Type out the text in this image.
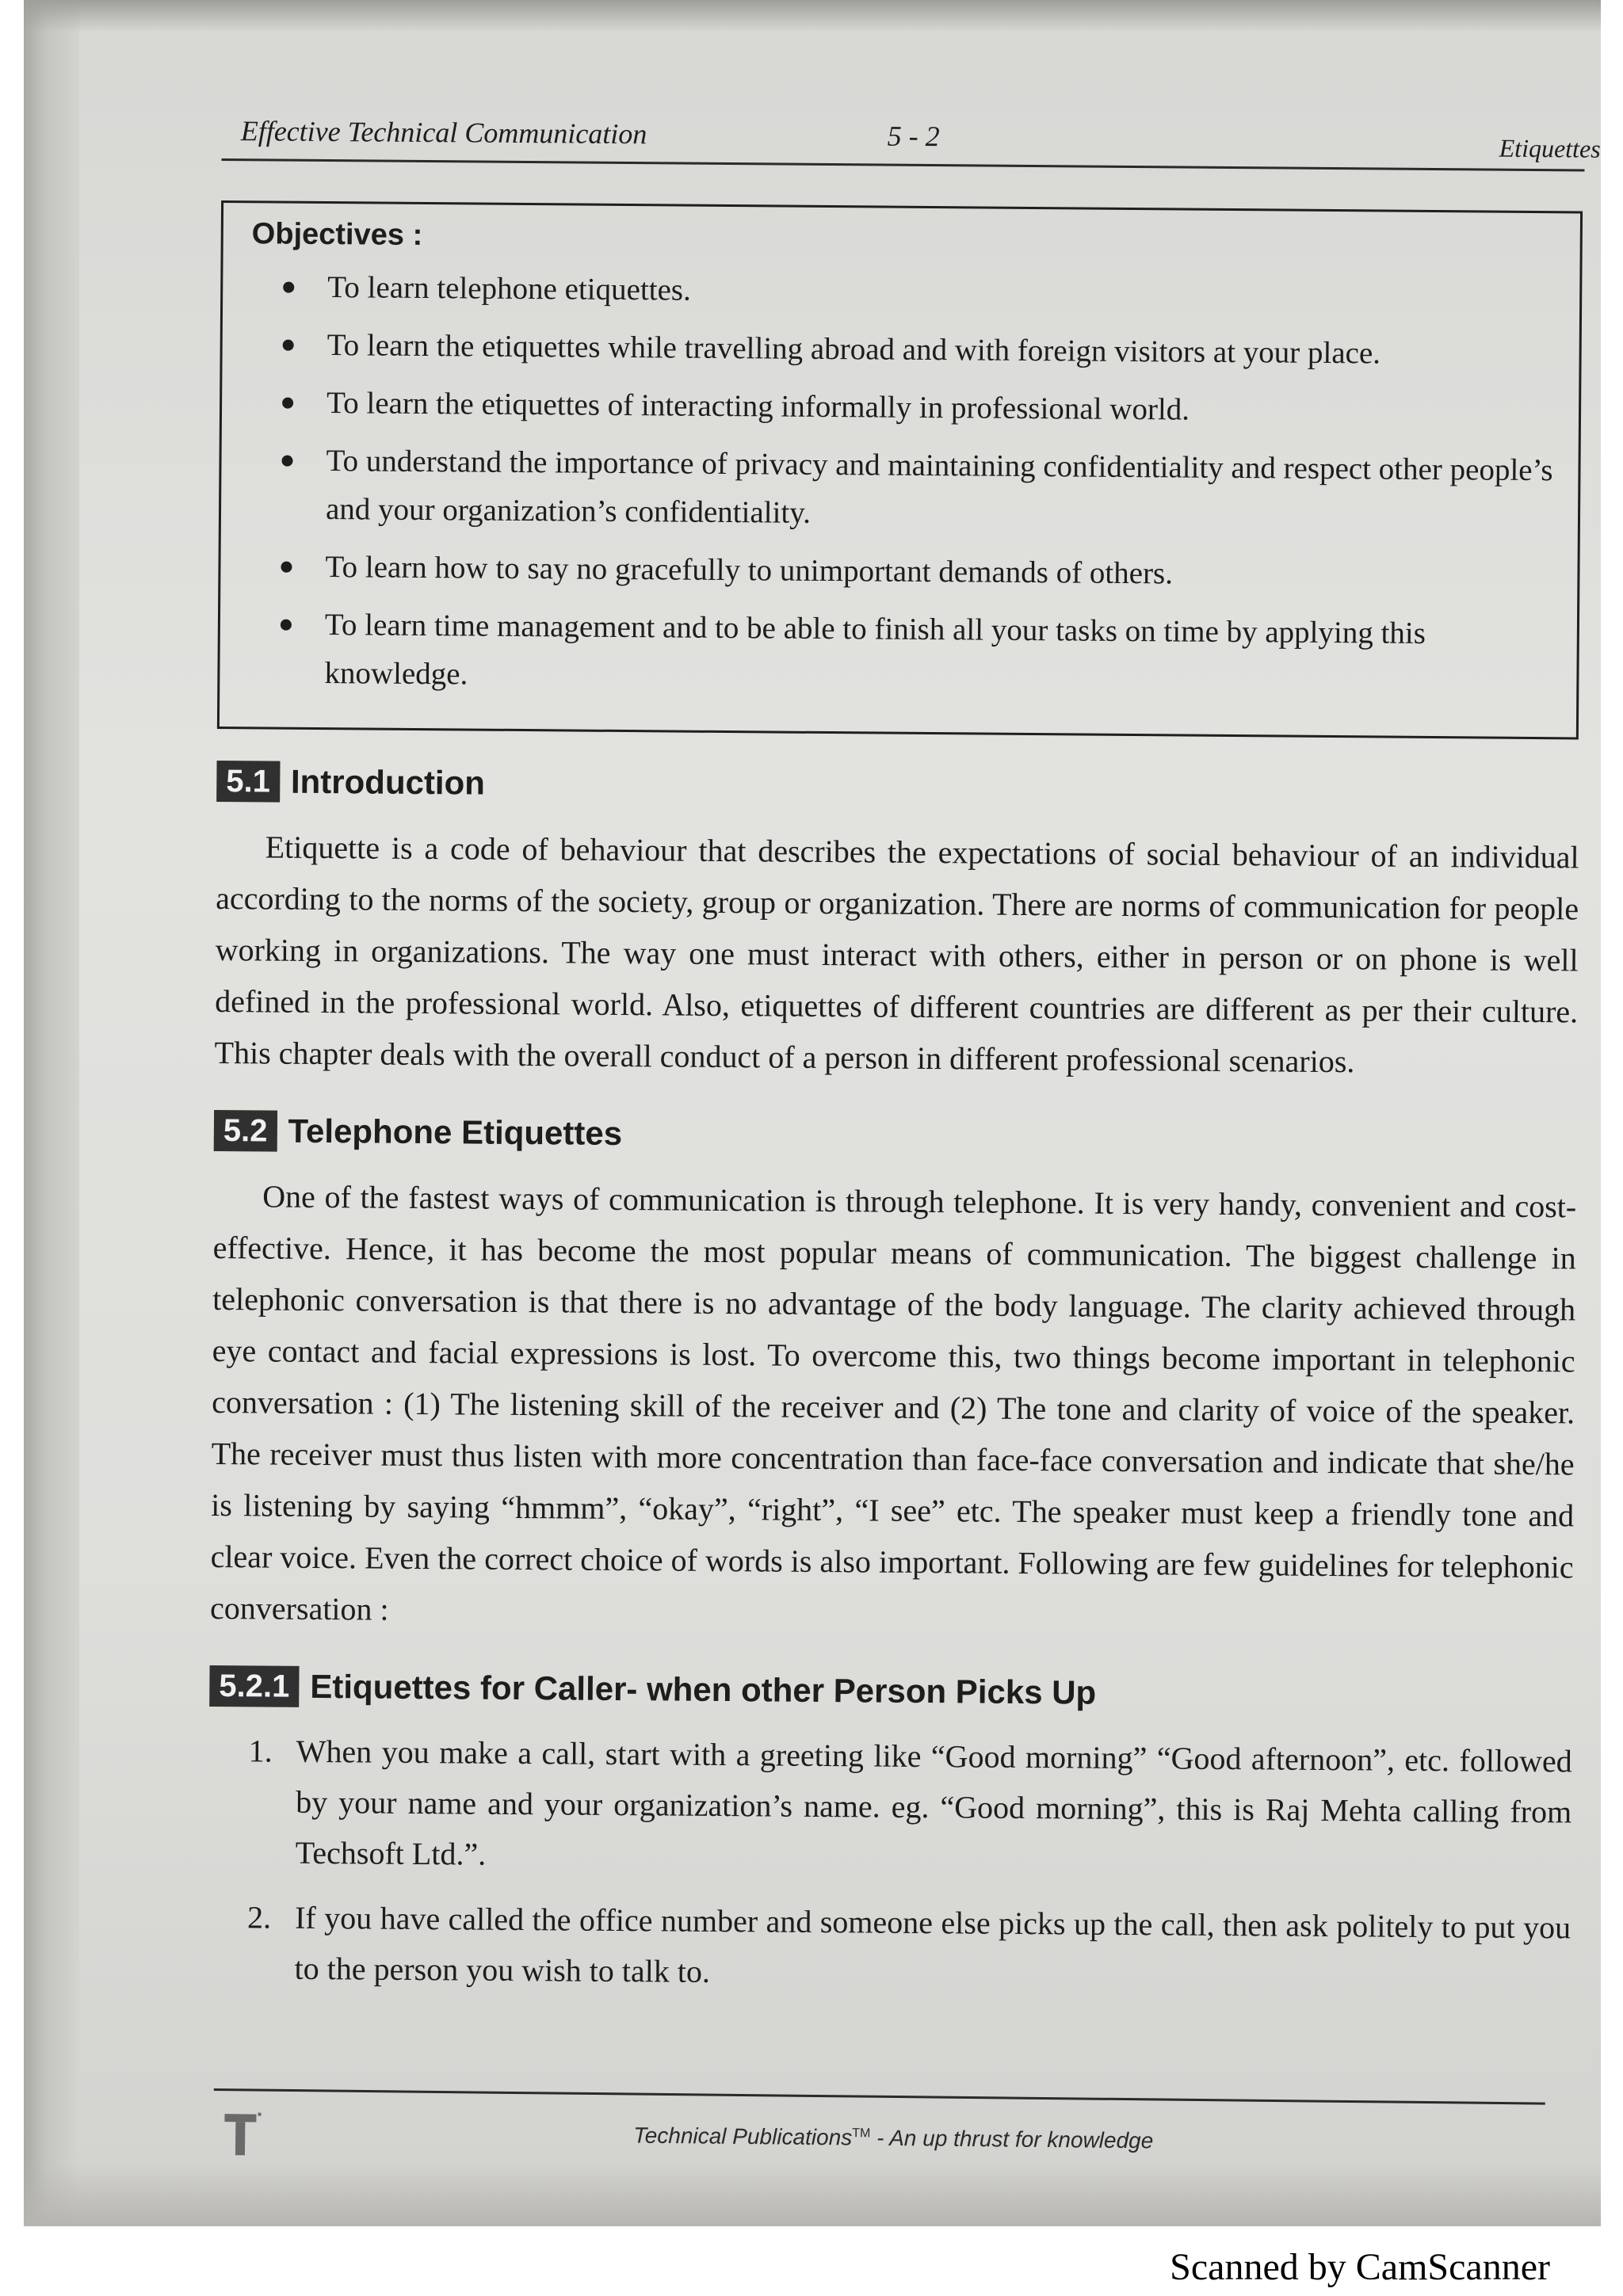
Effective Technical Communication	5 - 2	Etiquettes
Objectives :
To learn telephone etiquettes.
To learn the etiquettes while travelling abroad and with foreign visitors at your place.
To learn the etiquettes of interacting informally in professional world.
To understand the importance of privacy and maintaining confidentiality and respect other people’s and your organization’s confidentiality.
To learn how to say no gracefully to unimportant demands of others.
To learn time management and to be able to finish all your tasks on time by applying this knowledge.
5.1 Introduction

Etiquette is a code of behaviour that describes the expectations of social behaviour of an individual according to the norms of the society, group or organization. There are norms of communication for people working in organizations. The way one must interact with others, either in person or on phone is well defined in the professional world. Also, etiquettes of different countries are different as per their culture. This chapter deals with the overall conduct of a person in different professional scenarios.

5.2 Telephone Etiquettes

One of the fastest ways of communication is through telephone. It is very handy, convenient and cost-effective. Hence, it has become the most popular means of communication. The biggest challenge in telephonic conversation is that there is no advantage of the body language. The clarity achieved through eye contact and facial expressions is lost. To overcome this, two things become important in telephonic conversation : (1) The listening skill of the receiver and (2) The tone and clarity of voice of the speaker. The receiver must thus listen with more concentration than face-face conversation and indicate that she/he is listening by saying “hmmm”, “okay”, “right”, “I see” etc. The speaker must keep a friendly tone and clear voice. Even the correct choice of words is also important. Following are few guidelines for telephonic conversation :

5.2.1 Etiquettes for Caller- when other Person Picks Up
1. When you make a call, start with a greeting like “Good morning” “Good afternoon”, etc. followed by your name and your organization’s name. eg. “Good morning”, this is Raj Mehta calling from Techsoft Ltd.”.
2. If you have called the office number and someone else picks up the call, then ask politely to put you to the person you wish to talk to.
Technical Publications™ - An up thrust for knowledge
Scanned by CamScanner
